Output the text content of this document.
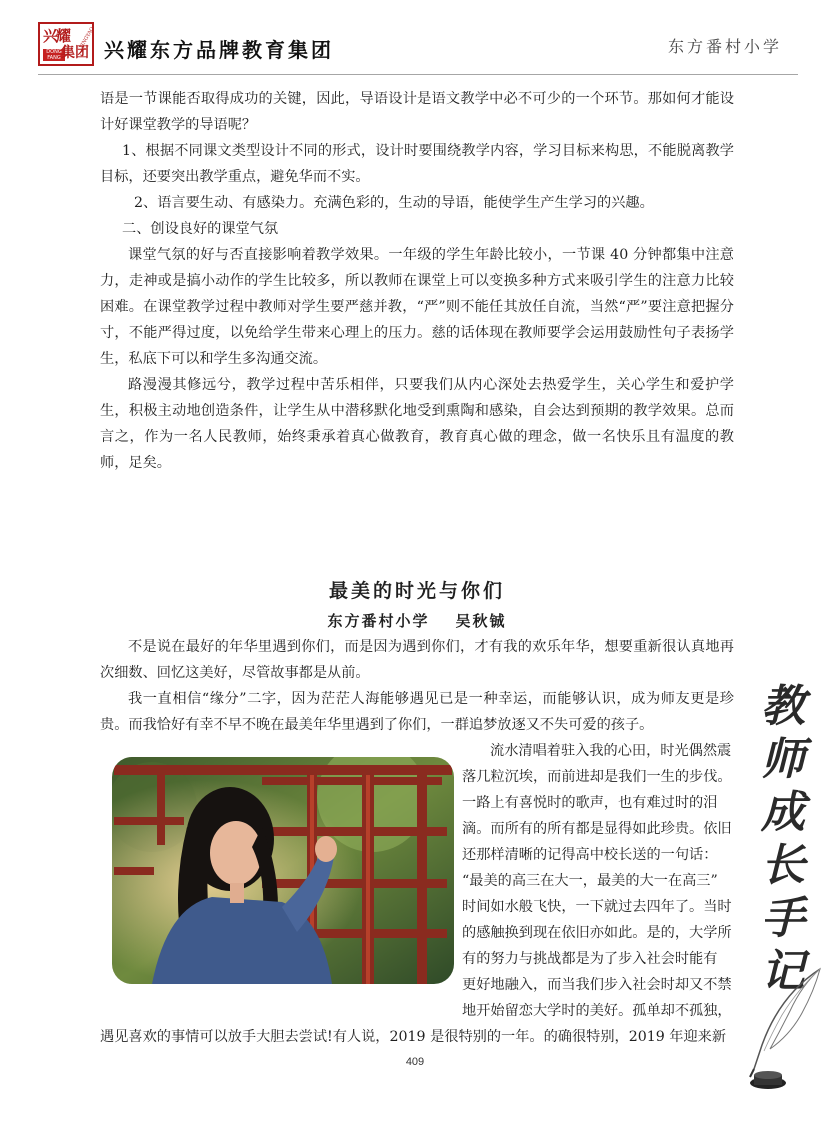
兴耀 XINGYAO
DONG FANG 集团 兴耀东方品牌教育集团	东方番村小学

语是一节课能否取得成功的关键，因此，导语设计是语文教学中必不可少的一个环节。那如何才能设计好课堂教学的导语呢？

1、根据不同课文类型设计不同的形式，设计时要围绕教学内容，学习目标来构思，不能脱离教学目标，还要突出教学重点，避免华而不实。

2、语言要生动、有感染力。充满色彩的，生动的导语，能使学生产生学习的兴趣。

二、创设良好的课堂气氛

课堂气氛的好与否直接影响着教学效果。一年级的学生年龄比较小，一节课 40 分钟都集中注意力，走神或是搞小动作的学生比较多，所以教师在课堂上可以变换多种方式来吸引学生的注意力比较困难。在课堂教学过程中教师对学生要严慈并教，“严”则不能任其放任自流，当然“严”要注意把握分寸，不能严得过度，以免给学生带来心理上的压力。慈的话体现在教师要学会运用鼓励性句子表扬学生，私底下可以和学生多沟通交流。

路漫漫其修远兮，教学过程中苦乐相伴，只要我们从内心深处去热爱学生，关心学生和爱护学生，积极主动地创造条件，让学生从中潜移默化地受到熏陶和感染，自会达到预期的教学效果。总而言之，作为一名人民教师，始终秉承着真心做教育，教育真心做的理念，做一名快乐且有温度的教师，足矣。

最美的时光与你们
东方番村小学 吴秋铖

不是说在最好的年华里遇到你们，而是因为遇到你们，才有我的欢乐年华，想要重新很认真地再次细数、回忆这美好，尽管故事都是从前。

我一直相信“缘分”二字，因为茫茫人海能够遇见已是一种幸运，而能够认识，成为师友更是珍贵。而我恰好有幸不早不晚在最美年华里遇到了你们，一群追梦放逐又不失可爱的孩子。

流水清唱着驻入我的心田，时光偶然震

落几粒沉埃，而前进却是我们一生的步伐。

一路上有喜悦时的歌声，也有难过时的泪

滴。而所有的所有都是显得如此珍贵。依旧

还那样清晰的记得高中校长送的一句话：

“最美的高三在大一，最美的大一在高三”

时间如水般飞快，一下就过去四年了。当时

的感触换到现在依旧亦如此。是的，大学所

有的努力与挑战都是为了步入社会时能有

更好地融入，而当我们步入社会时却又不禁

地开始留恋大学时的美好。孤单却不孤独，

遇见喜欢的事情可以放手大胆去尝试!有人说，2019 是很特别的一年。的确很特别，2019 年迎来新

教
师
成
长
手
记
409
